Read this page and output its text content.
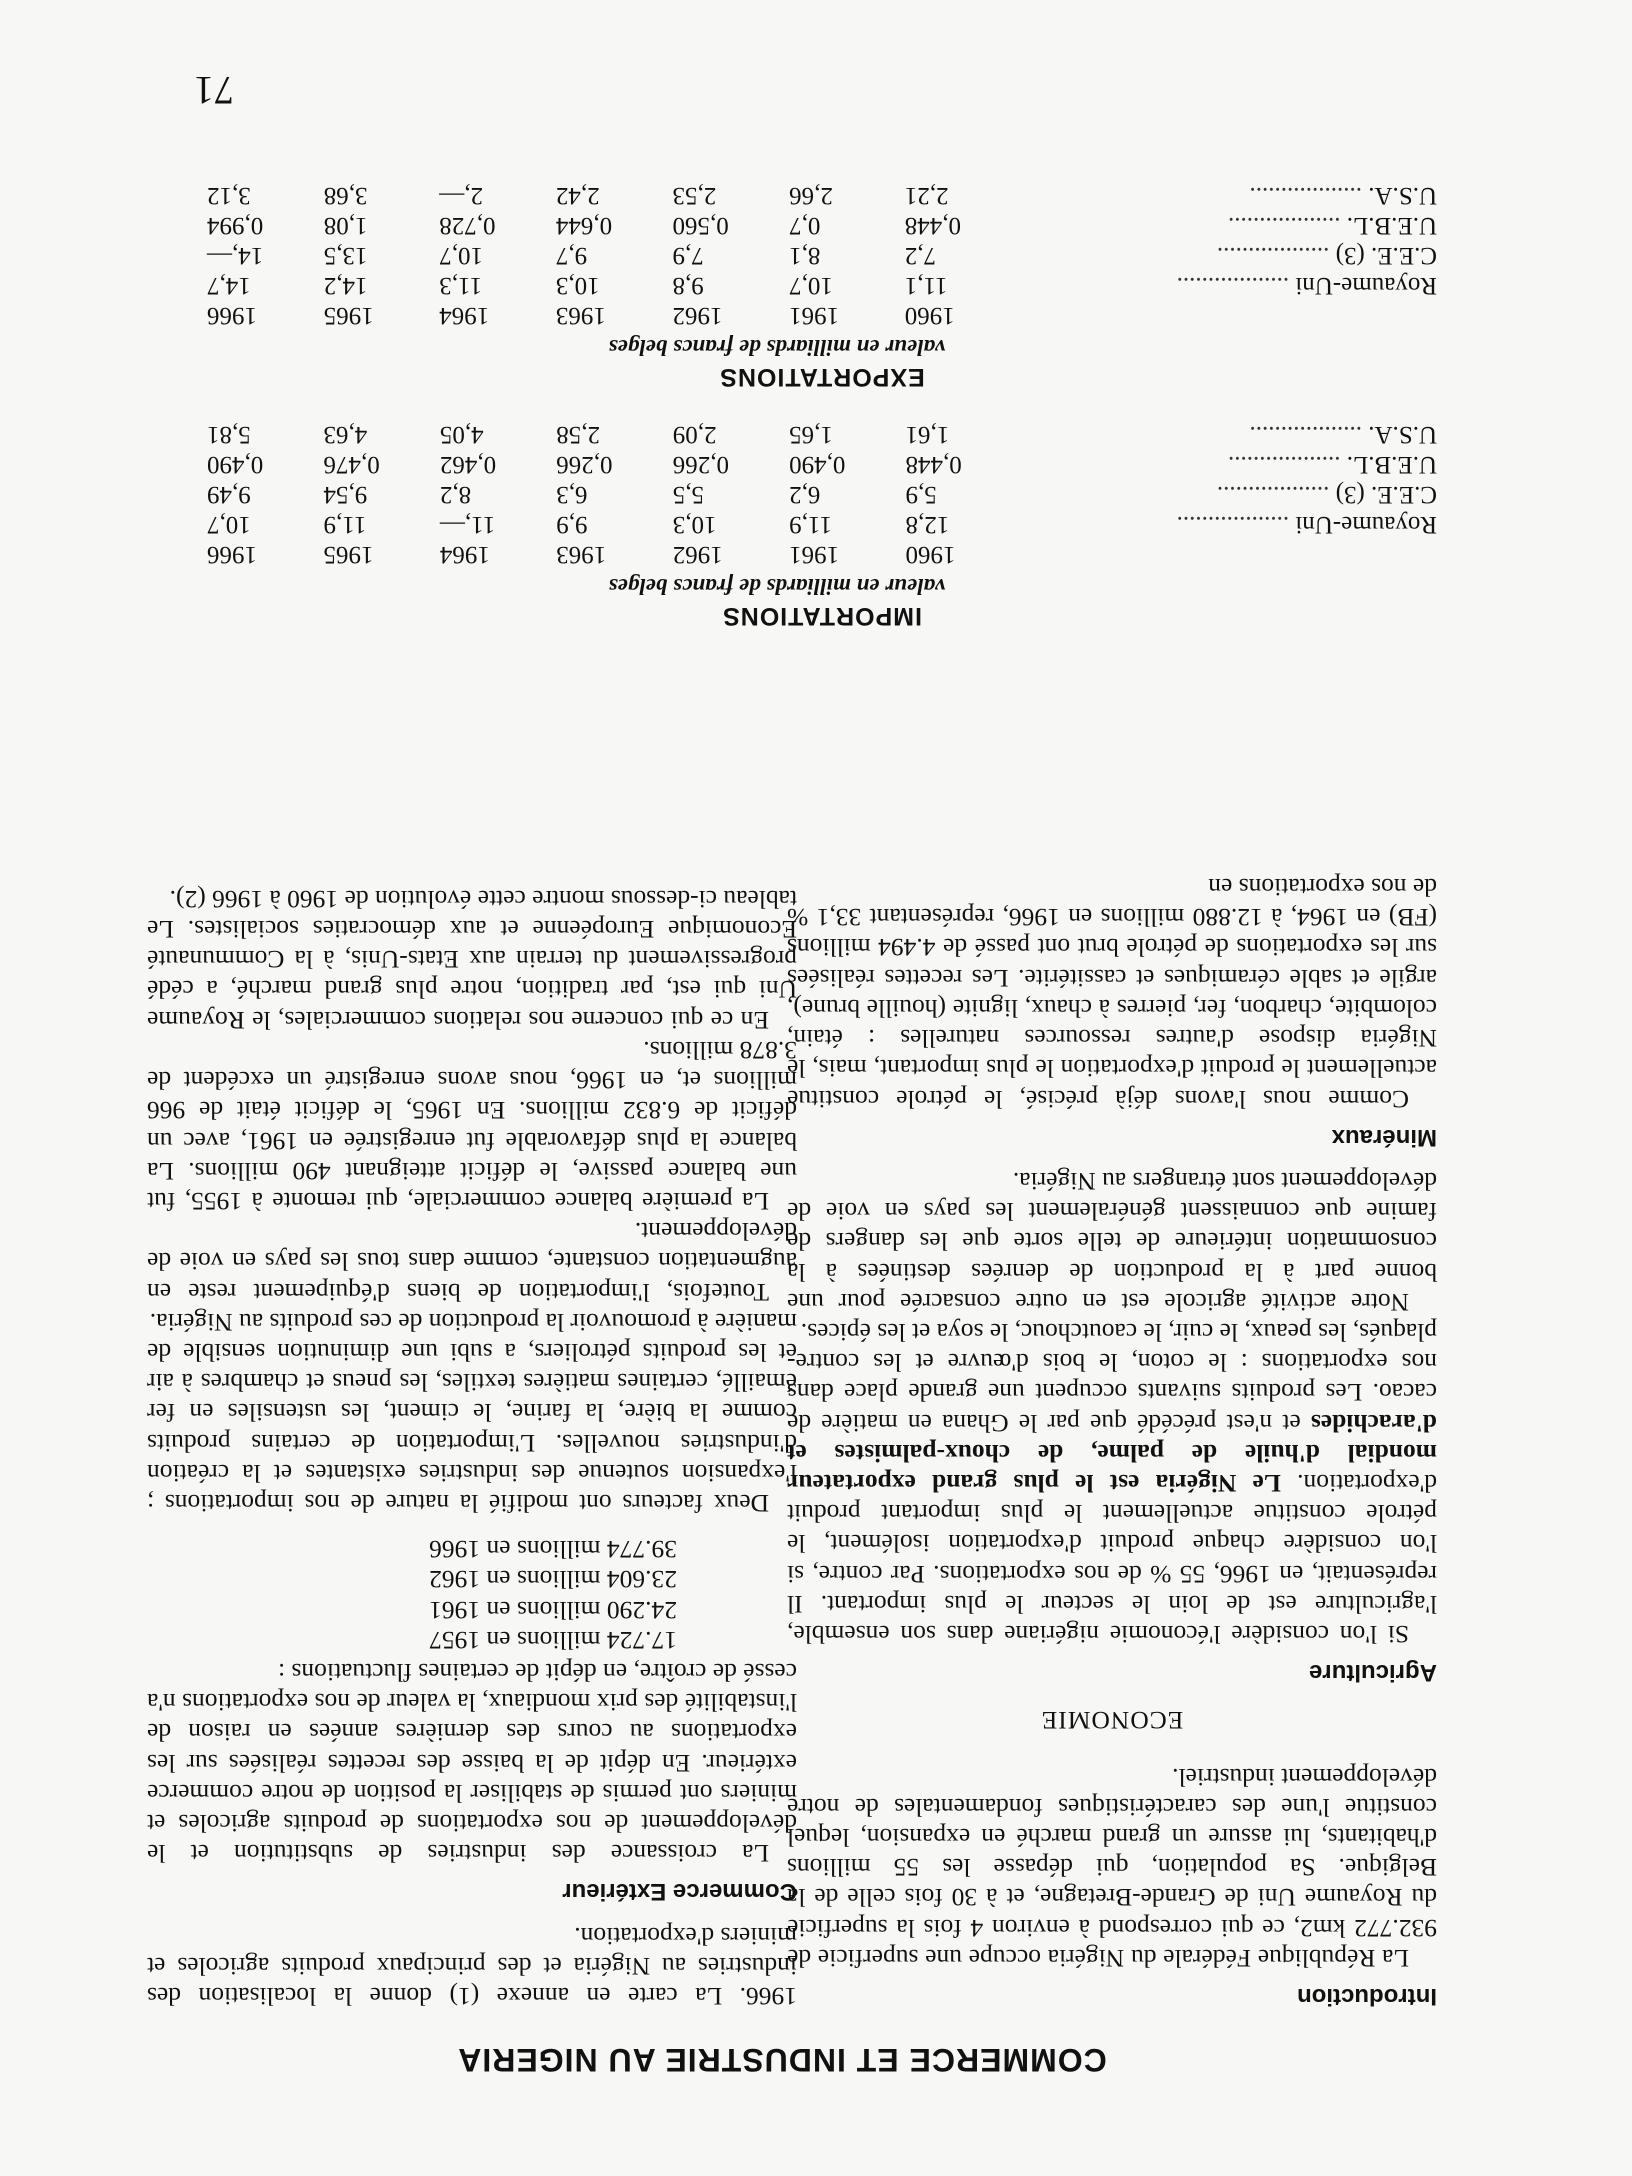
71
COMMERCE ET INDUSTRIE AU NIGERIA
Introduction

La République Fédérale du Nigéria occupe une superficie de 932.772 km2, ce qui correspond à environ 4 fois la superficie du Royaume Uni de Grande-Bretagne, et à 30 fois celle de la Belgique. Sa population, qui dépasse les 55 millions d'habitants, lui assure un grand marché en expansion, lequel constitue l'une des caractéristiques fondamentales de notre développement industriel.

ECONOMIE
Agriculture

Si l'on considère l'économie nigériane dans son ensemble, l'agriculture est de loin le secteur le plus important. Il représentait, en 1966, 55 % de nos exportations. Par contre, si l'on considère chaque produit d'exportation isolément, le pétrole constitue actuellement le plus important produit d'exportation. Le Nigéria est le plus grand exportateur mondial d'huile de palme, de choux-palmistes et d'arachides et n'est précédé que par le Ghana en matière de cacao. Les produits suivants occupent une grande place dans nos exportations : le coton, le bois d'œuvre et les contre-plaqués, les peaux, le cuir, le caoutchouc, le soya et les épices.

Notre activité agricole est en outre consacrée pour une bonne part à la production de denrées destinées à la consommation intérieure de telle sorte que les dangers de famine que connaissent généralement les pays en voie de développement sont étrangers au Nigéria.

Minéraux

Comme nous l'avons déjà précisé, le pétrole constitue actuellement le produit d'exportation le plus important, mais, le Nigéria dispose d'autres ressources naturelles : étain, colombite, charbon, fer, pierres à chaux, lignite (houille brune), argile et sable céramiques et cassitérite. Les recettes réalisées sur les exportations de pétrole brut ont passé de 4.494 millions (FB) en 1964, à 12.880 millions en 1966, représentant 33,1 % de nos exportations en

1966. La carte en annexe (1) donne la localisation des industries au Nigéria et des principaux produits agricoles et miniers d'exportation.

Commerce Extérieur

La croissance des industries de substitution et le développement de nos exportations de produits agricoles et miniers ont permis de stabiliser la position de notre commerce extérieur. En dépit de la baisse des recettes réalisées sur les exportations au cours des dernières années en raison de l'instabilité des prix mondiaux, la valeur de nos exportations n'a cessé de croître, en dépit de certaines fluctuations :

17.724 millions en 1957
24.290 millions en 1961
23.604 millions en 1962
39.774 millions en 1966

Deux facteurs ont modifié la nature de nos importations ; l'expansion soutenue des industries existantes et la création d'industries nouvelles. L'importation de certains produits comme la bière, la farine, le ciment, les ustensiles en fer émaillé, certaines matières textiles, les pneus et chambres à air et les produits pétroliers, a subi une diminution sensible de manière à promouvoir la production de ces produits au Nigéria.

Toutefois, l'importation de biens d'équipement reste en augmentation constante, comme dans tous les pays en voie de développement.

La première balance commerciale, qui remonte à 1955, fut une balance passive, le déficit atteignant 490 millions. La balance la plus défavorable fut enregistrée en 1961, avec un déficit de 6.832 millions. En 1965, le déficit était de 966 millions et, en 1966, nous avons enregistré un excédent de 3.878 millions.

En ce qui concerne nos relations commerciales, le Royaume Uni qui est, par tradition, notre plus grand marché, a cédé progressivement du terrain aux Etats-Unis, à la Communauté Economique Européenne et aux démocraties socialistes. Le tableau ci-dessous montre cette évolution de 1960 à 1966 (2).

IMPORTATIONS
valeur en milliards de francs belges
	1960	1961	1962	1963	1964	1965	1966
Royaume-Uni ..................	12,8	11,9	10,3	9,9	11,—	11,9	10,7
C.E.E. (3) ..................	5,9	6,2	5,5	6,3	8,2	9,54	9,49
U.E.B.L. ..................	0,448	0,490	0,266	0,266	0,462	0,476	0,490
U.S.A. ..................	1,61	1,65	2,09	2,58	4,05	4,63	5,81
EXPORTATIONS
valeur en milliards de francs belges
	1960	1961	1962	1963	1964	1965	1966
Royaume-Uni ..................	11,1	10,7	9,8	10,3	11,3	14,2	14,7
C.E.E. (3) ..................	7,2	8,1	7,9	9,7	10,7	13,5	14,—
U.E.B.L. ..................	0,448	0,7	0,560	0,644	0,728	1,08	0,994
U.S.A. ..................	2,21	2,66	2,53	2,42	2,—	3,68	3,12
